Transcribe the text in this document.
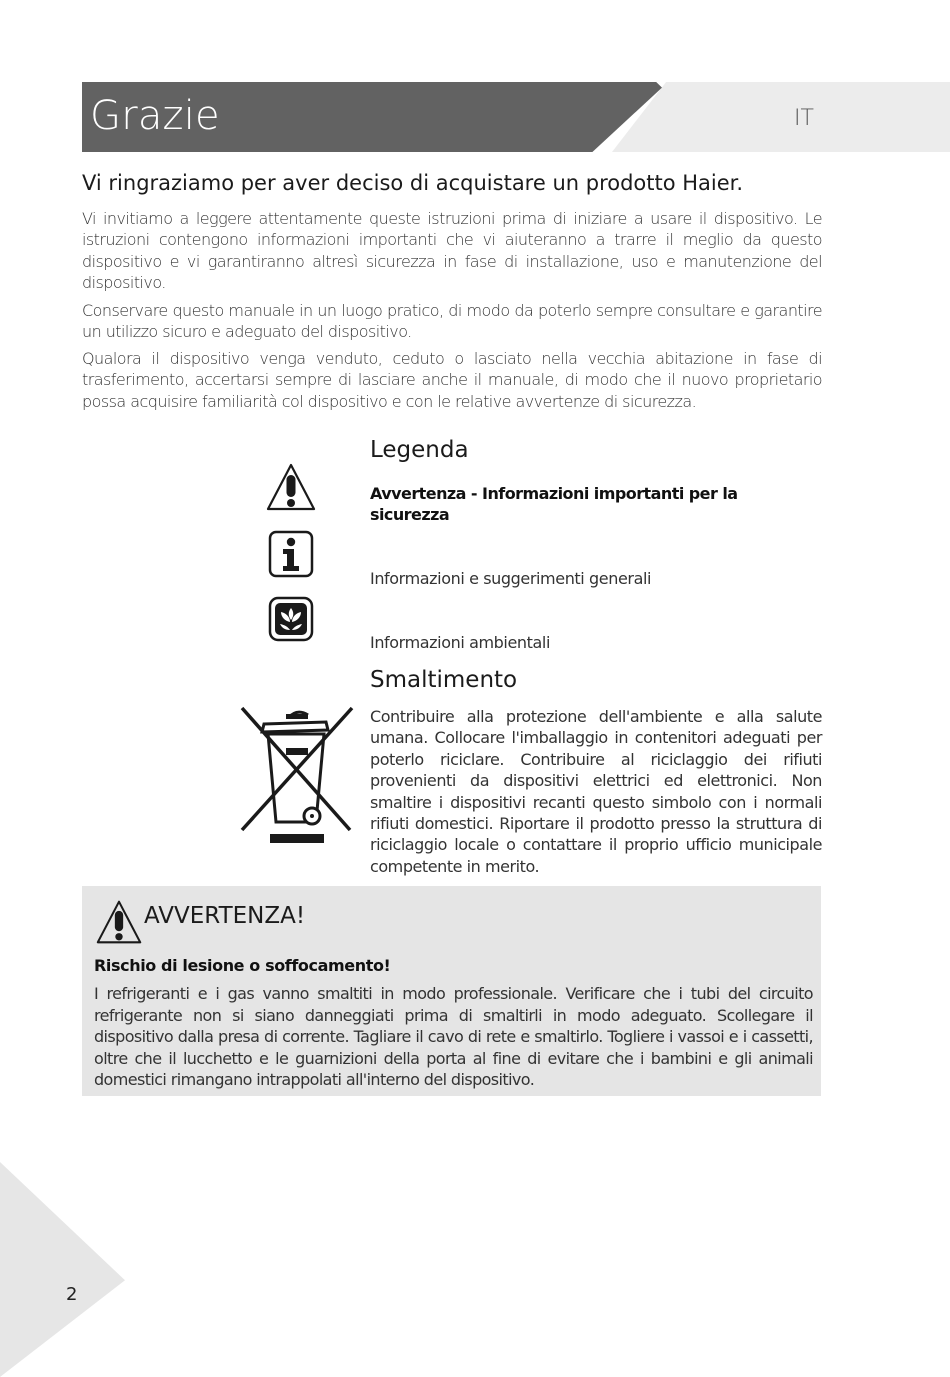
Grazie	IT
Vi ringraziamo per aver deciso di acquistare un prodotto Haier.
Vi invitiamo a leggere attentamente queste istruzioni prima di iniziare a usare il dispositivo. Le istruzioni contengono informazioni importanti che vi aiuteranno a trarre il meglio da questo dispositivo e vi garantiranno altresì sicurezza in fase di installazione, uso e manutenzione del dispositivo.
Conservare questo manuale in un luogo pratico, di modo da poterlo sempre consultare e garantire un utilizzo sicuro e adeguato del dispositivo.
Qualora il dispositivo venga venduto, ceduto o lasciato nella vecchia abitazione in fase di trasferimento, accertarsi sempre di lasciare anche il manuale, di modo che il nuovo proprietario possa acquisire familiarità col dispositivo e con le relative avvertenze di sicurezza.
Legenda
Avvertenza - Informazioni importanti per la sicurezza
Informazioni e suggerimenti generali
Informazioni ambientali
Smaltimento
Contribuire alla protezione dell'ambiente e alla salute umana. Collocare l'imballaggio in contenitori adeguati per poterlo riciclare. Contribuire al riciclaggio dei rifiuti provenienti da dispositivi elettrici ed elettronici. Non smaltire i dispositivi recanti questo simbolo con i normali rifiuti domestici. Riportare il prodotto presso la struttura di riciclaggio locale o contattare il proprio ufficio municipale competente in merito.
AVVERTENZA!
Rischio di lesione o soffocamento!
I refrigeranti e i gas vanno smaltiti in modo professionale. Verificare che i tubi del circuito refrigerante non si siano danneggiati prima di smaltirli in modo adeguato. Scollegare il dispositivo dalla presa di corrente. Tagliare il cavo di rete e smaltirlo. Togliere i vassoi e i cassetti, oltre che il lucchetto e le guarnizioni della porta al fine di evitare che i bambini e gli animali domestici rimangano intrappolati all'interno del dispositivo.
2
